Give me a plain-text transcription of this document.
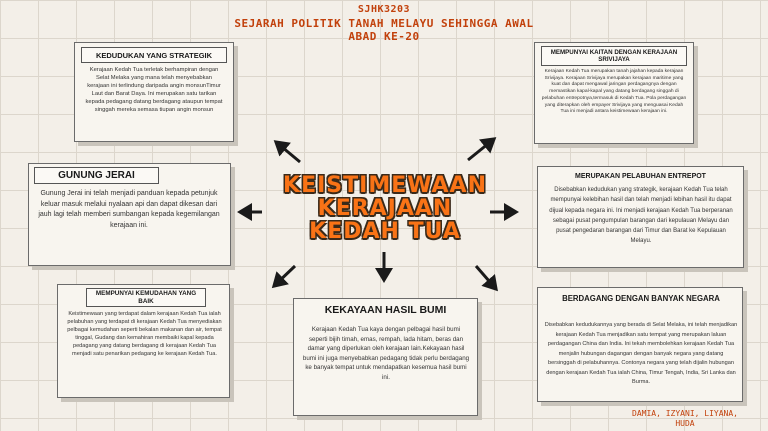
SJHK3203
SEJARAH POLITIK TANAH MELAYU SEHINGGA AWAL
ABAD KE-20
KEISTIMEWAAN
KERAJAAN
KEDAH TUA
KEDUDUKAN YANG STRATEGIK
Kerajaan Kedah Tua terletak berhampiran dengan Selat Melaka yang mana telah menyebabkan kerajaan ini terlindung daripada angin monsunTimur Laut dan Barat Daya. Ini merupakan satu tarikan kepada pedagang datang berdagang ataupun tempat singgah mereka semasa tiupan angin monsun
MEMPUNYAI KAITAN DENGAN KERAJAAN SRIVIJAYA
Kerajaan Kedah Tua merupakan tanah jajahan kepada kerajaan Srivijaya. Kerajaan Srivijaya merupakan kerajaan maritime yang kuat dan dapat mengawal jaringan perdagangnya dengan memastikan kapal-kapal yang datang berdagang singgah di pelabuhan entrepotnya,termasuk di Kedah Tua. Pola perdagangan yang diterapkan oleh empayer Srivijaya yang menguasai Kedah Tua ini menjadi antara keistimewaan kerajaan ini.
GUNUNG JERAI
Gunung Jerai ini telah menjadi panduan kepada petunjuk keluar masuk melalui nyalaan api dan dapat dikesan dari jauh lagi telah memberi sumbangan kepada kegemilangan kerajaan ini.
MERUPAKAN PELABUHAN ENTREPOT
Disebabkan kedudukan yang strategik, kerajaan Kedah Tua telah mempunyai kelebihan hasil dan telah menjadi lebihan hasil itu dapat dijual kepada negara ini. Ini menjadi kerajaan Kedah Tua berperanan sebagai pusat pengumpulan barangan dari kepulauan Melayu dan pusat pengedaran barangan dari Timur dan Barat ke Kepulauan Melayu.
MEMPUNYAI KEMUDAHAN YANG BAIK
Keistimewaan yang terdapat dalam kerajaan Kedah Tua ialah pelabuhan yang terdapat di kerajaan Kedah Tua menyediakan pelbagai kemudahan seperti bekalan makanan dan air, tempat tinggal, Gudang dan kemahiran membaiki kapal kepada pedagang yang datang berdagang di kerajaan Kedah Tua menjadi satu penarikan pedagang ke kerajaan Kedah Tua.
KEKAYAAN HASIL BUMI
Kerajaan Kedah Tua kaya dengan pelbagai hasil bumi seperti bijih timah, emas, rempah, lada hitam, beras dan damar yang diperlukan oleh kerajaan lain.Kekayaan hasil bumi ini juga menyebabkan pedagang tidak perlu berdagang ke banyak tempat untuk mendapatkan kesemua hasil bumi ini.
BERDAGANG DENGAN BANYAK NEGARA
Disebabkan kedudukannya yang berada di Selat Melaka, ini telah menjadikan kerajaan Kedah Tua menjadikan satu tempat yang merupakan laluan perdagangan China dan India. Ini tekah membolehkan kerajaan Kedah Tua menjalin hubungan dagangan dengan banyak negara yang datang bersinggah di pelabuhannya. Contonya negara yang telah dijalin hubungan dengan kerajaan Kedah Tua ialah China, Timur Tengah, India, Sri Lanka dan Burma.
DAMIA, IZYANI, LIYANA,
HUDA
